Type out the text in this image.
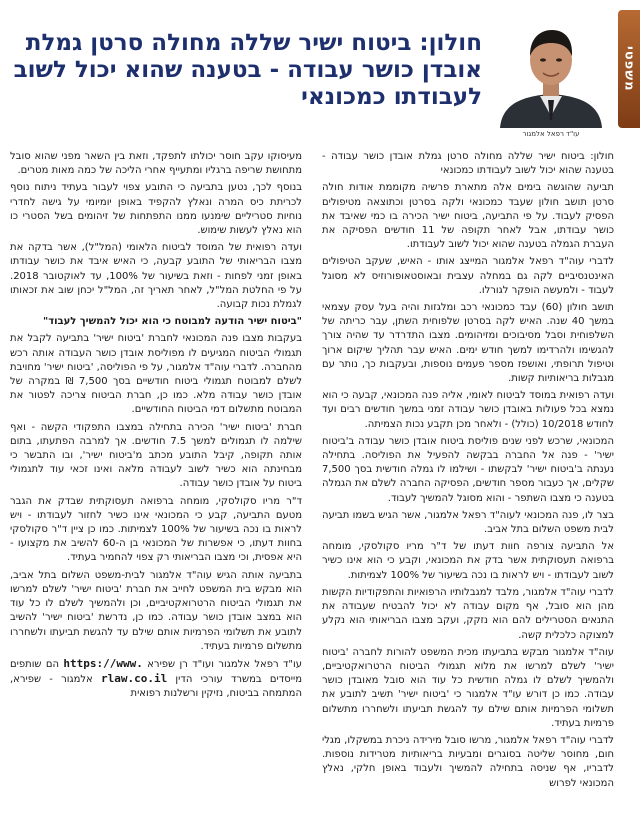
משפטי
עו"ד רפאל אלמגור
חולון: ביטוח ישיר שללה מחולה סרטן גמלת אובדן כושר עבודה - בטענה שהוא יכול לשוב לעבודתו כמכונאי

חולון: ביטוח ישיר שללה מחולה סרטן גמלת אובדן כושר עבודה - בטענה שהוא יכול לשוב לעבודתו כמכונאי

תביעה שהוגשה בימים אלה מתארת פרשיה מקוממת אודות חולה סרטן תושב חולון שעבד כמכונאי ולקה בסרטן וכתוצאה מטיפולים הפסיק לעבוד. על פי התביעה, ביטוח ישיר הכירה בו כמי שאיבד את כושר עבודתו, אבל לאחר תקופה של 11 חודשים הפסיקה את העברת הגמלה בטענה שהוא יכול לשוב לעבודתו.

לדברי עוה"ד רפאל אלמגור המייצג אותו - האיש, שעקב הטיפולים האינטנסיביים לקה גם במחלה עצבית ובאוסטאופורוזיס לא מסוגל לעבוד - ולמעשה הופקר לגורלו.

תושב חולון (60) עבד כמכונאי רכב ומלגזות והיה בעל עסק עצמאי במשך 40 שנה. האיש לקה בסרטן שלפוחית השתן, עבר כריתה של השלפוחית וסבל מסיבוכים ומזיהומים. מצבו התדרדר עד שהיה צורך להגשימו ולהרדימו למשך חודש ימים. האיש עבר תהליך שיקום ארוך וטיפול תרופתי, ואושפז מספר פעמים נוספות, ובעקבות כך, נותר עם מגבלות בריאותיות קשות.

ועדה רפואית במוסד לביטוח לאומי, אליה פנה המכונאי, קבעה כי הוא נמצא בכל פעולות באובדן כושר עבודה זמני במשך חודשים רבים ועד לחודש 10/2018 (כולל) - ולאחר מכן תקבע נכות הצמיתה.

המכונאי, שרכש לפני שנים פוליסת ביטוח אובדן כושר עבודה ב'ביטוח ישיר' - פנה אל החברה בבקשה להפעיל את הפוליסה. בתחילה נענתה ב'ביטוח ישיר' לבקשתו - ושילמו לו גמלה חודשית בסך 7,500 שקלים, אך כעבור מספר חודשים, הפסיקה החברה לשלם את הגמלה בטענה כי מצבו השתפר - והוא מסוגל להמשיך לעבוד.

בצר לו, פנה המכונאי לעוה"ד רפאל אלמגור, אשר הגיש בשמו תביעה לבית משפט השלום בתל אביב.

אל התביעה צורפה חוות דעתו של ד"ר מריו סקולסקי, מומחה ברפואה תעסוקתית אשר בדק את המכונאי, וקבע כי הוא אינו כשיר לשוב לעבודתו - ויש לראות בו נכה בשיעור של 100% לצמיתות.

לדברי עוה"ד אלמגור, מלבד למגבלותיו הרפואיות והתפקודיות הקשות מהן הוא סובל, אף מקום עבודה לא יכול להבטיח שעבודה את התנאים הסטרילים להם הוא נזקק, ועקב מצבו הבריאותי הוא נקלע למצוקה כלכלית קשה.

עוה"ד אלמגור מבקש בתביעתו מכית המשפט להורות לחברה 'ביטוח ישיר' לשלם למרשו את מלוא תגמולי הביטוח הרטרואקטיביים, ולהמשיך לשלם לו גמלה חודשית כל עוד הוא סובל מאובדן כושר עבודה. כמו כן דורש עו"ד אלמגור כי 'ביטוח ישיר' תשיב לתובע את תשלומי הפרמיות אותם שילם עד להגשת תביעתו ולשחררו מתשלום פרמיות בעתיד.

לדברי עוה"ד רפאל אלמגור, מרשו סובל מירידה ניכרת במשקלו, מגלי חום, מחוסר שליטה בסוגרים ומבעיות בריאותיות מטרידות נוספות. לדבריו, אף שניסה בתחילה להמשיך ולעבוד באופן חלקי, נאלץ המכונאי לפרוש

מעיסוקו עקב חוסר יכולתו לתפקד, וזאת בין השאר מפני שהוא סובל מתחושת שריפה ברגליו ומתעייף אחרי הליכה של כמה מאות מטרים.

בנוסף לכך, נטען בתביעה כי התובע צפוי לעבור בעתיד ניתוח נוסף לכריתת כיס המרה ונאלץ להקפיד באופן יומיומי על גישה לחדרי נוחיות סטריליים שימנעו ממנו התפתחות של זיהומים בשל הסטרי כו הוא נאלץ לעשות שימוש.

ועדה רפואית של המוסד לביטוח הלאומי (המל"ל), אשר בדקה את מצבו הבריאותי של התובע קבעה, כי האיש איבד את כושר עבודתו באופן זמני לפחות - וזאת בשיעור של 100%, עד לאוקטובר 2018. על פי החלטת המל"ל, לאחר תאריך זה, המל"ל יכחן שוב את זכאותו לגמלת נכות קבועה.

"ביטוח ישיר הודעה למבוטח כי הוא יכול להמשיך לעבוד"

בעקבות מצבו פנה המכונאי לחברת 'ביטוח ישיר' בתביעה לקבל את תגמולי הביטוח המגיעים לו מפוליסת אובדן כושר העבודה אותה רכש מהחברה. לדברי עוה"ד אלמגור, על פי הפוליסה, 'ביטוח ישיר' מחויבת לשלם למבוטח תגמולי ביטוח חודשיים בסך 7,500 ₪ במקרה של אובדן כושר עבודה מלא. כמו כן, חברת הביטוח צריכה לפטור את המבוטח מתשלום דמי הביטוח החודשיים.

חברת 'ביטוח ישיר' הכירה בתחילה במצבו התפקודי הקשה - ואף שילמה לו תגמולים למשך 7.5 חודשים. אך למרבה הפתעתו, בתום אותה תקופה, קיבל התובע מכתב מ'ביטוח ישיר', ובו התבשר כי מבחינתה הוא כשיר לשוב לעבודה מלאה ואינו זכאי עוד לתגמולי ביטוח על אובדן כושר עבודה.

ד"ר מריו סקולסקי, מומחה ברפואה תעסוקתית שבדק את הגבר מטעם התביעה, קבע כי המכונאי אינו כשיר לחזור לעבודתו - ויש לראות בו נכה בשיעור של 100% לצמיתות. כמו כן ציין ד"ר סקולסקי בחוות דעתו, כי אפשרות של המכונאי בן ה-60 להשיב את מקצועו - היא אפסית, וכי מצבו הבריאותי רק צפוי להחמיר בעתיד.

בתביעה אותה הגיש עוה"ד אלמגור לבית-משפט השלום בתל אביב, הוא מבקש בית המשפט לחייב את חברת 'ביטוח ישיר' לשלם למרשו את תגמולי הביטוח הרטרואקטיביים, וכן ולהמשיך לשלם לו כל עוד הוא במצב אובדן כושר עבודה. כמו כן, נדרשת 'ביטוח ישיר' להשיב לתובע את תשלומי הפרמיות אותם שילם עד להגשת תביעתו ולשחררו מתשלום פרמיות בעתיד.

עו"ד רפאל אלמגור ועו"ד רן שפירא https://www. הם שותפים מייסדים במשרד עורכי הדין rlaw.co.il אלמגור - שפירא, המתמחה בביטוח, נזיקין ורשלנות רפואית
